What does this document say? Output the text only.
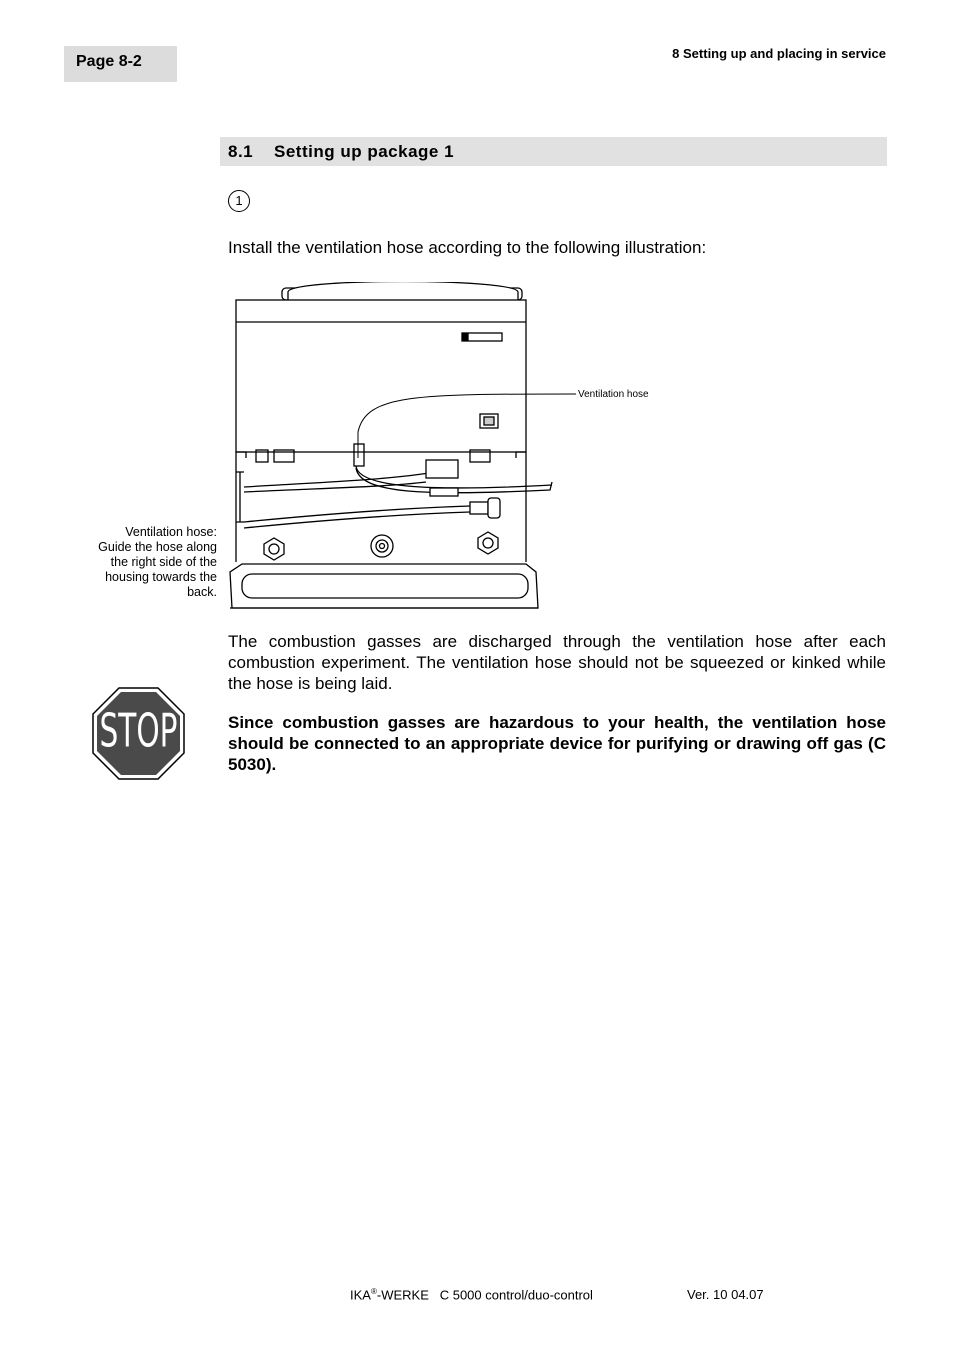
Page 8-2	8 Setting up and placing in service
8.1 Setting up package 1
1
Install the ventilation hose according to the following illustration:
Ventilation hose
Ventilation hose:
Guide the hose along
the right side of the
housing towards the
back.
The combustion gasses are discharged through the ventilation hose after each combustion experiment. The ventilation hose should not be squeezed or kinked while the hose is being laid.
STOP	Since combustion gasses are hazardous to your health, the ventilation hose should be connected to an appropriate device for purifying or drawing off gas (C 5030).
IKA®-WERKE   C 5000 control/duo-control	Ver. 10 04.07
